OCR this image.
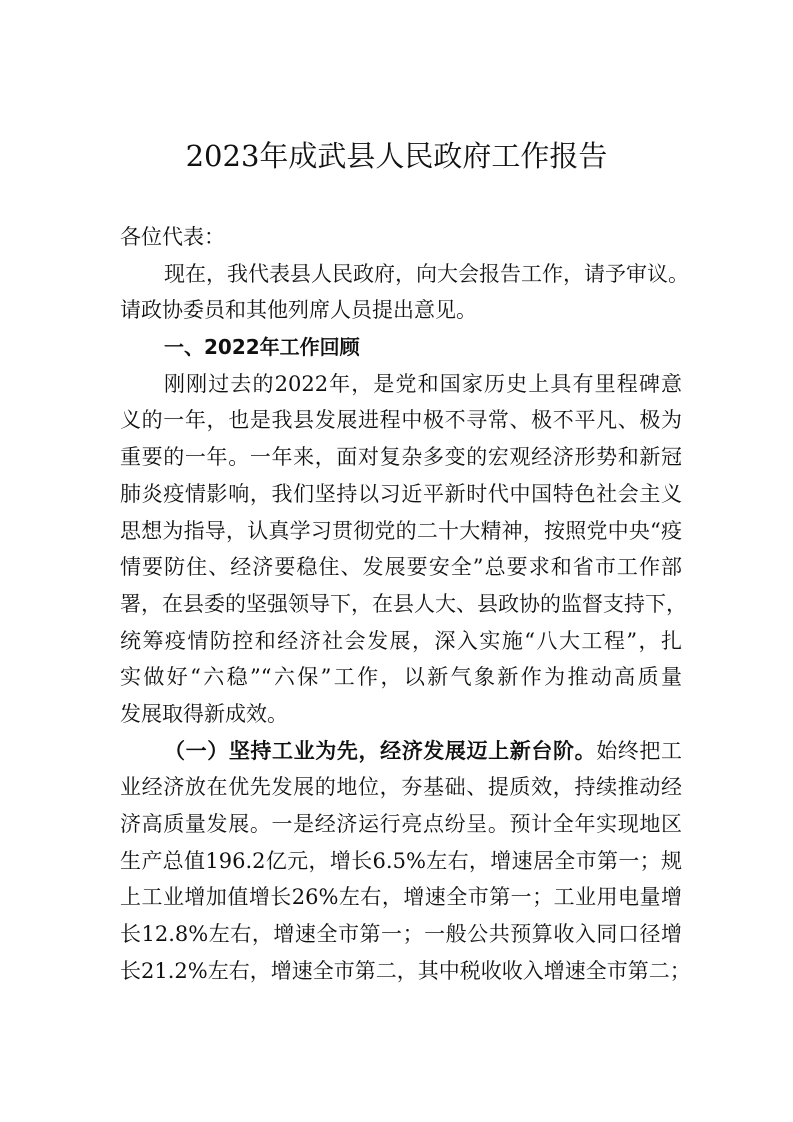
2023年成武县人民政府工作报告
各位代表：
现在，我代表县人民政府，向大会报告工作，请予审议。
请政协委员和其他列席人员提出意见。
一、2022年工作回顾
刚刚过去的2022年，是党和国家历史上具有里程碑意
义的一年，也是我县发展进程中极不寻常、极不平凡、极为
重要的一年。一年来，面对复杂多变的宏观经济形势和新冠
肺炎疫情影响，我们坚持以习近平新时代中国特色社会主义
思想为指导，认真学习贯彻党的二十大精神，按照党中央“疫
情要防住、经济要稳住、发展要安全”总要求和省市工作部
署，在县委的坚强领导下，在县人大、县政协的监督支持下，
统筹疫情防控和经济社会发展，深入实施“八大工程”，扎
实做好“六稳”“六保”工作，以新气象新作为推动高质量
发展取得新成效。
（一）坚持工业为先，经济发展迈上新台阶。始终把工
业经济放在优先发展的地位，夯基础、提质效，持续推动经
济高质量发展。一是经济运行亮点纷呈。预计全年实现地区
生产总值196.2亿元，增长6.5%左右，增速居全市第一；规
上工业增加值增长26%左右，增速全市第一；工业用电量增
长12.8%左右，增速全市第一；一般公共预算收入同口径增
长21.2%左右，增速全市第二，其中税收收入增速全市第二；
